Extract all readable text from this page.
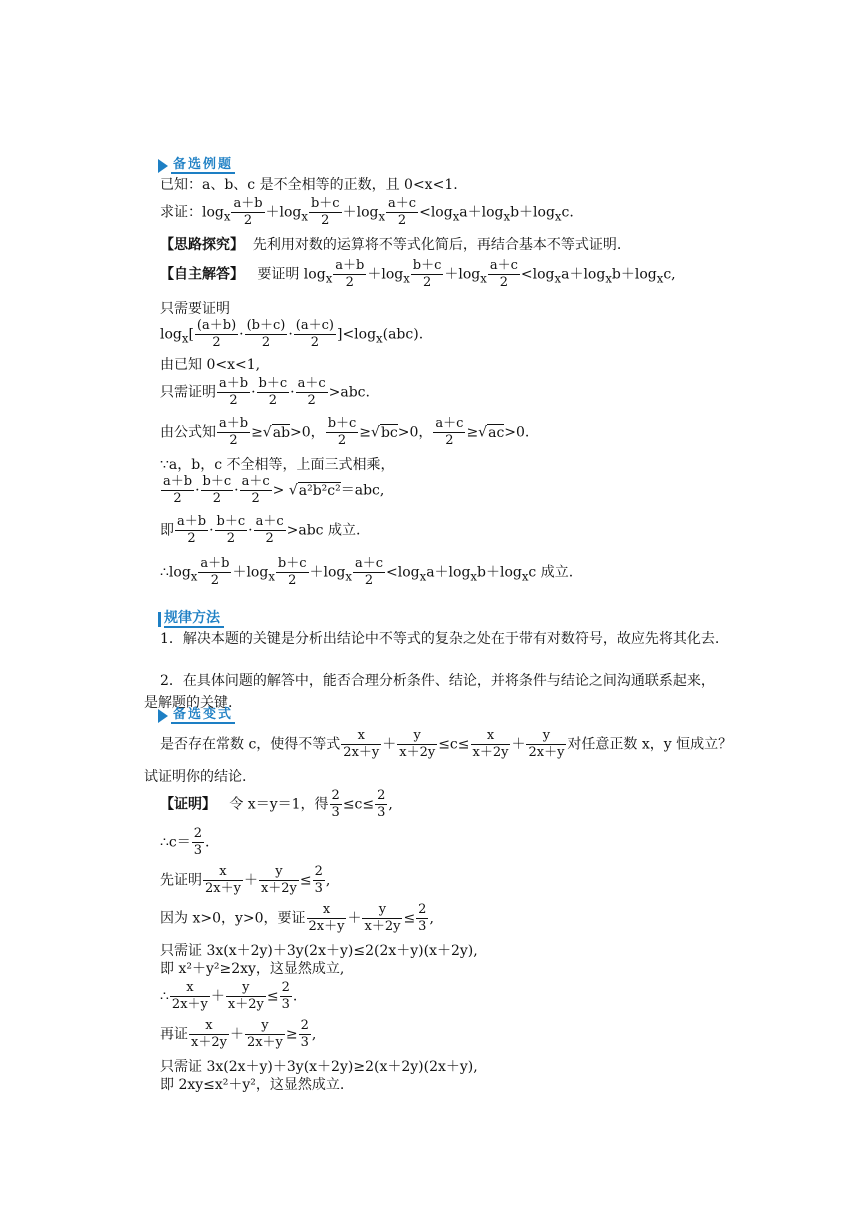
备选例题
已知：a、b、c 是不全相等的正数，且 0<x<1.
求证：$\log_x \frac{a+b}{2} +\log_x \frac{b+c}{2} +\log_x \frac{a+c}{2} <\log_xa+\log_xb+\log_xc$.
【思路探究】 先利用对数的运算将不等式化简后，再结合基本不等式证明.
【自主解答】 要证明 $\log_x \frac{a+b}{2} +\log_x \frac{b+c}{2} +\log_x \frac{a+c}{2} <\log_xa+\log_xb+\log_xc$,
只需要证明
$\log_x[ \frac{(a+b)}{2} \cdot \frac{(b+c)}{2} \cdot \frac{(a+c)}{2} ]<\log_x(abc)$.
由已知 0<x<1,
只需证明 $\frac{a+b}{2} \cdot \frac{b+c}{2} \cdot \frac{a+c}{2} >abc$.
由公式知 $\frac{a+b}{2} \ge√ab>0$， $\frac{b+c}{2} \ge√bc>0$， $\frac{a+c}{2} \ge√ac>0$.
∵a，b，c 不全相等，上面三式相乘，
$\frac{a+b}{2} \cdot \frac{b+c}{2} \cdot \frac{a+c}{2} > √a^2b^2c^2=abc$,
即 $\frac{a+b}{2} \cdot \frac{b+c}{2} \cdot \frac{a+c}{2} >abc$ 成立.
$\therefore\log_x \frac{a+b}{2} +\log_x \frac{b+c}{2} +\log_x \frac{a+c}{2} <\log_xa+\log_xb+\log_xc$ 成立.
规律方法
1．解决本题的关键是分析出结论中不等式的复杂之处在于带有对数符号，故应先将其化去.
2．在具体问题的解答中，能否合理分析条件、结论，并将条件与结论之间沟通联系起来，是解题的关键.
备选变式
是否存在常数 c，使得不等式 $\frac{x}{2x+y} + \frac{y}{x+2y} \le c\le \frac{x}{x+2y} + \frac{y}{2x+y}$ 对任意正数 x，y 恒成立？
试证明你的结论.
【证明】 令 x＝y＝1，得 $\frac{2}{3} \le c\le \frac{2}{3}$ ,
∴c＝ $\frac{2}{3}$ .
先证明 $\frac{x}{2x+y} + \frac{y}{x+2y} \le \frac{2}{3}$ ,
因为 x>0，y>0，要证 $\frac{x}{2x+y} + \frac{y}{x+2y} \le \frac{2}{3}$ ,
只需证 3x(x＋2y)＋3y(2x＋y)≤2(2x＋y)(x＋2y),
即 x²＋y²≥2xy，这显然成立,
∴ $\frac{x}{2x+y} + \frac{y}{x+2y} \le \frac{2}{3}$ .
再证 $\frac{x}{x+2y} + \frac{y}{2x+y} \ge \frac{2}{3}$ ,
只需证 3x(2x＋y)＋3y(x＋2y)≥2(x＋2y)(2x＋y),
即 2xy≤x²＋y²，这显然成立.
